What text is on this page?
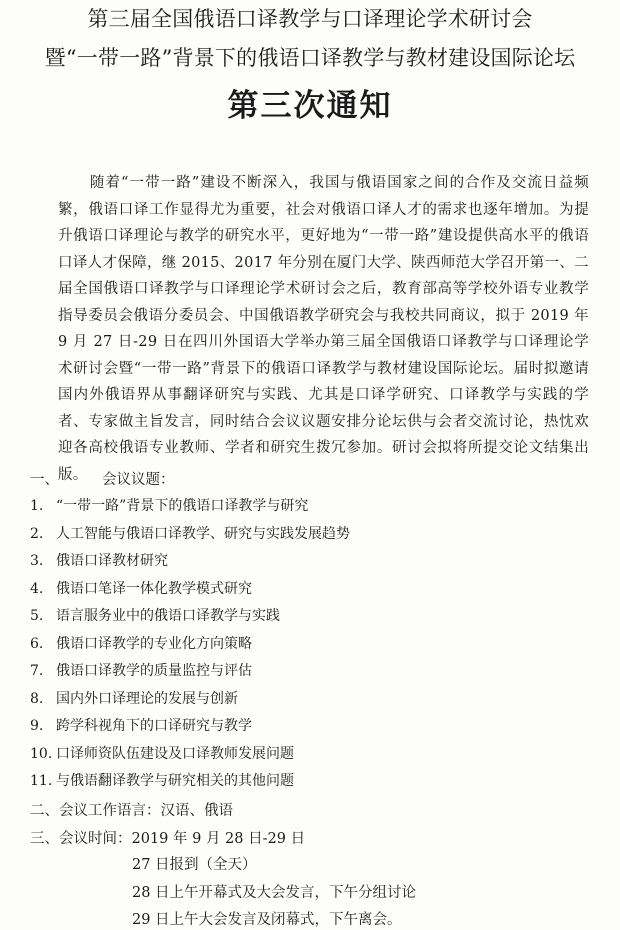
第三届全国俄语口译教学与口译理论学术研讨会
暨“一带一路”背景下的俄语口译教学与教材建设国际论坛
第三次通知

随着“一带一路”建设不断深入，我国与俄语国家之间的合作及交流日益频繁，俄语口译工作显得尤为重要，社会对俄语口译人才的需求也逐年增加。为提升俄语口译理论与教学的研究水平，更好地为“一带一路”建设提供高水平的俄语口译人才保障，继 2015、2017 年分别在厦门大学、陕西师范大学召开第一、二届全国俄语口译教学与口译理论学术研讨会之后，教育部高等学校外语专业教学指导委员会俄语分委员会、中国俄语教学研究会与我校共同商议，拟于 2019 年 9 月 27 日-29 日在四川外国语大学举办第三届全国俄语口译教学与口译理论学术研讨会暨“一带一路”背景下的俄语口译教学与教材建设国际论坛。届时拟邀请国内外俄语界从事翻译研究与实践、尤其是口译学研究、口译教学与实践的学者、专家做主旨发言，同时结合会议议题安排分论坛供与会者交流讨论，热忱欢迎各高校俄语专业教师、学者和研究生拨冗参加。研讨会拟将所提交论文结集出版。

一、	会议议题：
1. “一带一路”背景下的俄语口译教学与研究
2. 人工智能与俄语口译教学、研究与实践发展趋势
3. 俄语口译教材研究
4. 俄语口笔译一体化教学模式研究
5. 语言服务业中的俄语口译教学与实践
6. 俄语口译教学的专业化方向策略
7. 俄语口译教学的质量监控与评估
8. 国内外口译理论的发展与创新
9. 跨学科视角下的口译研究与教学
10. 口译师资队伍建设及口译教师发展问题
11. 与俄语翻译教学与研究相关的其他问题
二、会议工作语言：汉语、俄语
三、会议时间：2019 年 9 月 28 日-29 日
27 日报到（全天）
28 日上午开幕式及大会发言，下午分组讨论
29 日上午大会发言及闭幕式，下午离会。
